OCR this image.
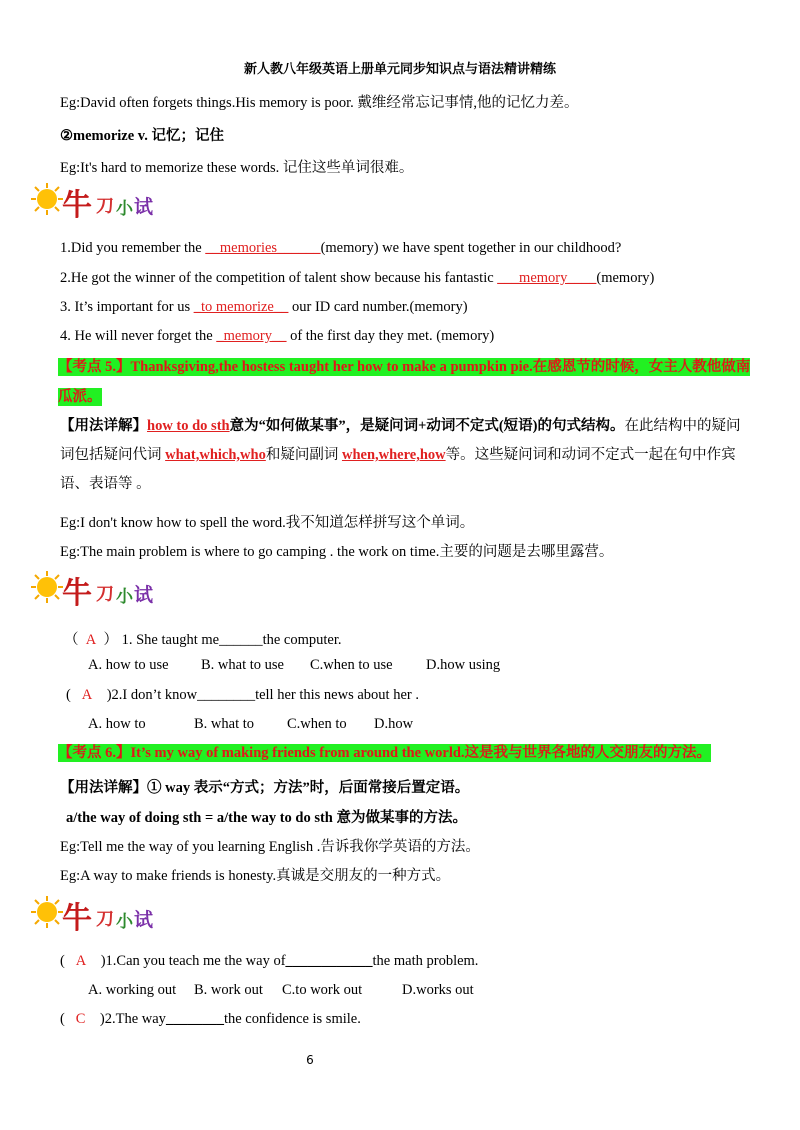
新人教八年级英语上册单元同步知识点与语法精讲精练
Eg:David often forgets things.His memory is poor. 戴维经常忘记事情,他的记忆力差。
②memorize v. 记忆；记住
Eg:It's hard to memorize these words. 记住这些单词很难。
牛 刀 小 试
1.Did you remember the __memories______(memory) we have spent together in our childhood?
2.He got the winner of the competition of talent show because his fantastic ___memory____(memory)
3. It’s important for us _to memorize__ our ID card number.(memory)
4. He will never forget the _memory__ of the first day they met. (memory)
【考点 5.】Thanksgiving,the hostess taught her how to make a pumpkin pie.在感恩节的时候，女主人教他做南瓜派。
【用法详解】how to do sth意为“如何做某事”，是疑问词+动词不定式(短语)的句式结构。在此结构中的疑问词包括疑问代词 what,which,who和疑问副词 when,where,how等。这些疑问词和动词不定式一起在句中作宾语、表语等 。
Eg:I don't know how to spell the word.我不知道怎样拼写这个单词。
Eg:The main problem is where to go camping . the work on time.主要的问题是去哪里露营。
牛 刀 小 试
（ A ） 1. She taught me______the computer.
A. how to use B. what to use C.when to use D.how using
( A )2.I don’t know________tell her this news about her .
A. how to	B. what to C.when to D.how
【考点 6.】It’s my way of making friends from around the world.这是我与世界各地的人交朋友的方法。
【用法详解】① way 表示“方式；方法”时，后面常接后置定语。
a/the way of doing sth = a/the way to do sth 意为做某事的方法。
Eg:Tell me the way of you learning English .告诉我你学英语的方法。
Eg:A way to make friends is honesty.真诚是交朋友的一种方式。
牛 刀 小 试
( A )1.Can you teach me the way of____________the math problem.
A. working out B. work out C.to work out	D.works out
( C )2.The way________the confidence is smile.
6
